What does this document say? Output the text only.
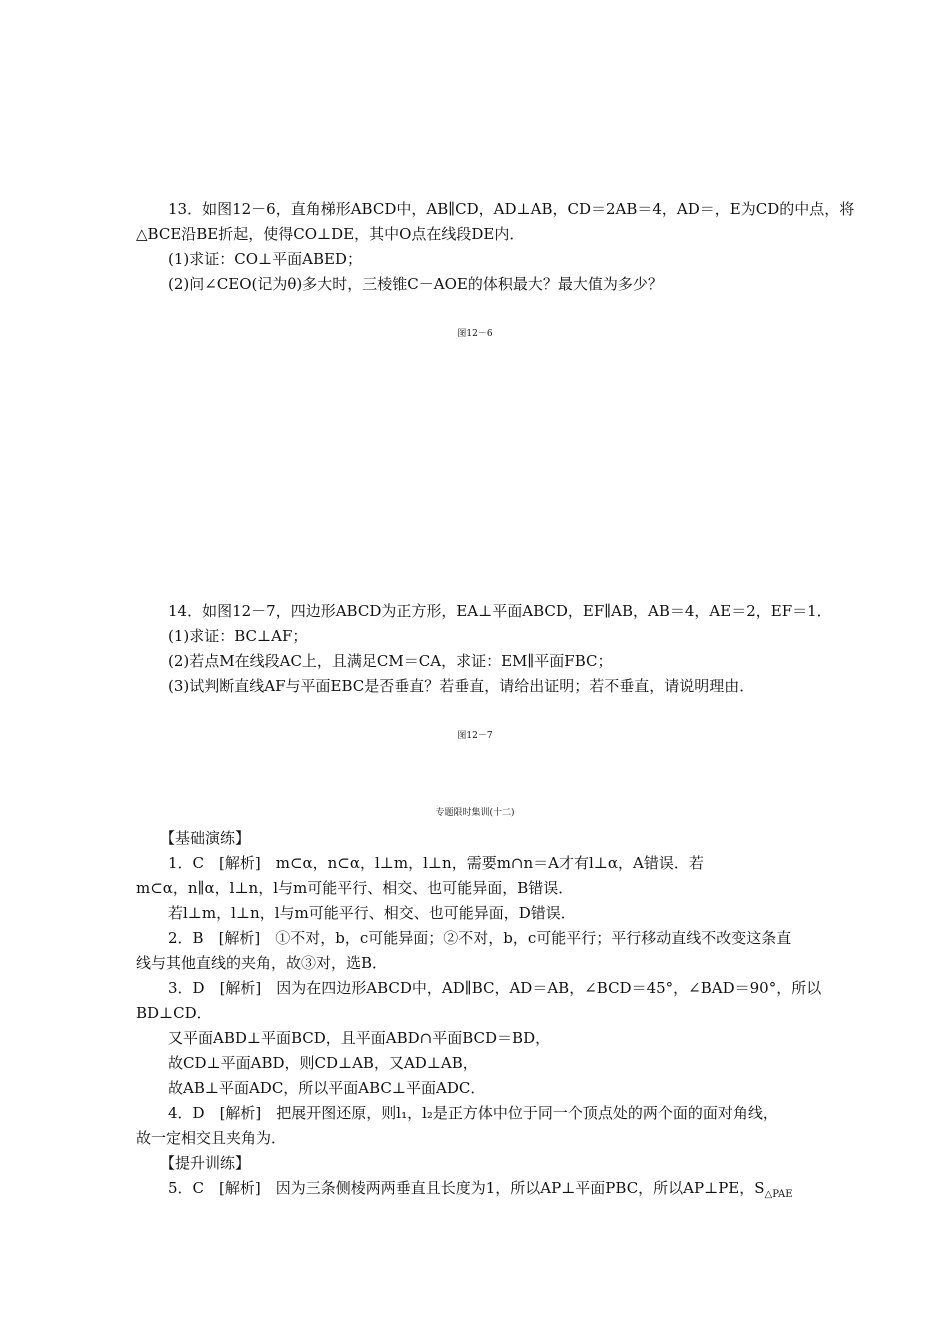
13．如图12－6，直角梯形ABCD中，AB∥CD，AD⊥AB，CD＝2AB＝4，AD＝，E为CD的中点，将
△BCE沿BE折起，使得CO⊥DE，其中O点在线段DE内．
(1)求证：CO⊥平面ABED；
(2)问∠CEO(记为θ)多大时，三棱锥C－AOE的体积最大？最大值为多少？
图12－6
14．如图12－7，四边形ABCD为正方形，EA⊥平面ABCD，EF∥AB，AB＝4，AE＝2，EF＝1．
(1)求证：BC⊥AF；
(2)若点M在线段AC上，且满足CM＝CA，求证：EM∥平面FBC；
(3)试判断直线AF与平面EBC是否垂直？若垂直，请给出证明；若不垂直，请说明理由．
图12－7
专题限时集训(十二)
【基础演练】
1．C　[解析]　m⊂α，n⊂α，l⊥m，l⊥n，需要m∩n＝A才有l⊥α，A错误．若
m⊂α，n∥α，l⊥n，l与m可能平行、相交、也可能异面，B错误．
若l⊥m，l⊥n，l与m可能平行、相交、也可能异面，D错误．
2．B　[解析]　①不对，b，c可能异面；②不对，b，c可能平行；平行移动直线不改变这条直
线与其他直线的夹角，故③对，选B．
3．D　[解析]　因为在四边形ABCD中，AD∥BC，AD＝AB，∠BCD＝45°，∠BAD＝90°，所以
BD⊥CD．
又平面ABD⊥平面BCD，且平面ABD∩平面BCD＝BD，
故CD⊥平面ABD，则CD⊥AB，又AD⊥AB，
故AB⊥平面ADC，所以平面ABC⊥平面ADC．
4．D　[解析]　把展开图还原，则l₁，l₂是正方体中位于同一个顶点处的两个面的面对角线，
故一定相交且夹角为．
【提升训练】
5．C　[解析]　因为三条侧棱两两垂直且长度为1，所以AP⊥平面PBC，所以AP⊥PE，$S_{\triangle PAE}$
